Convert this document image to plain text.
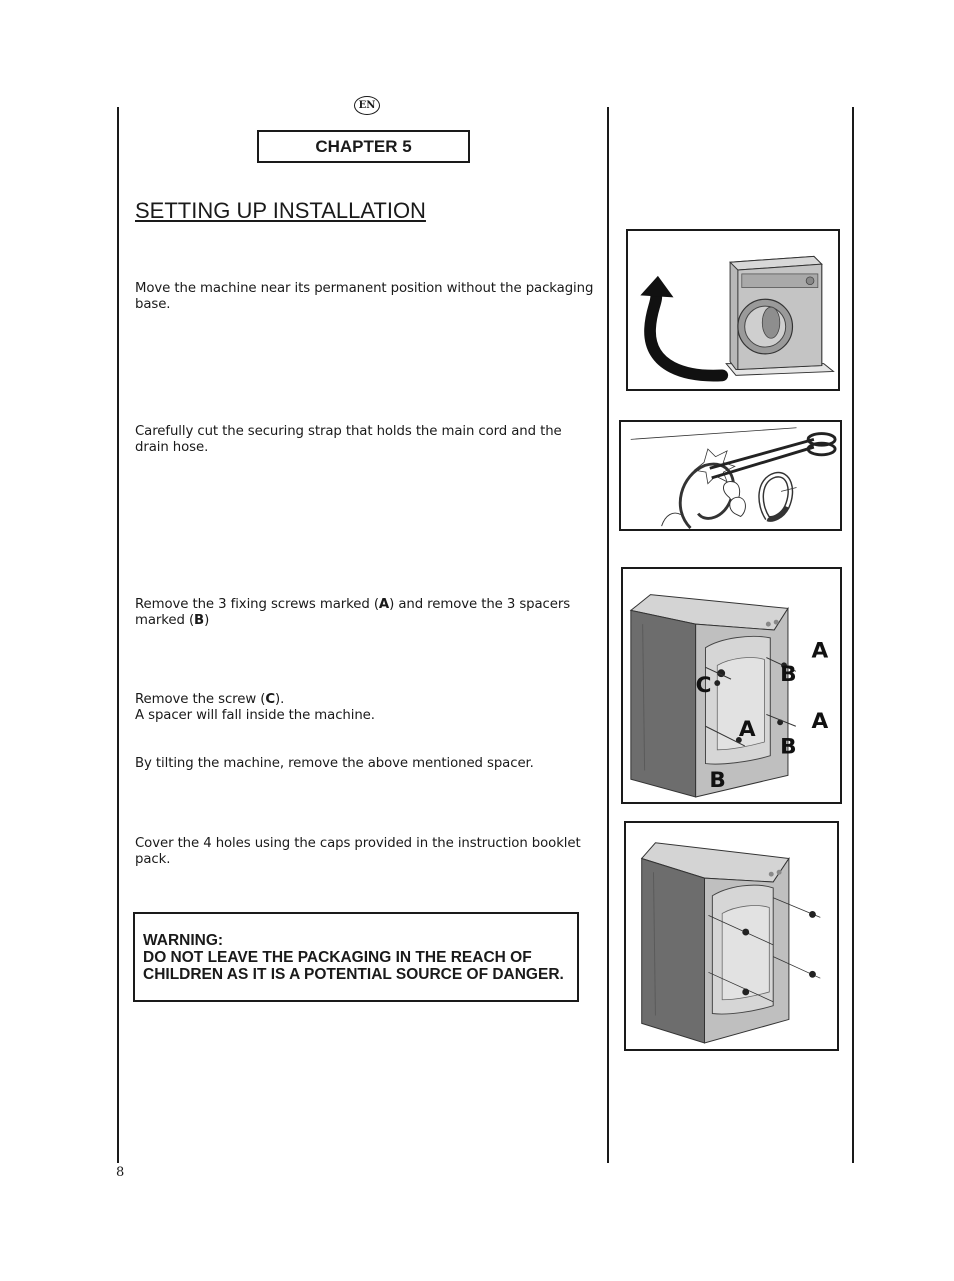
EN
CHAPTER 5
SETTING UP INSTALLATION
Move the machine near its permanent position without the packaging base.
Carefully cut the securing strap that holds the main cord and the drain hose.
Remove the 3 fixing screws marked (A) and remove the 3 spacers marked (B)
Remove the screw (C).
A spacer will fall inside the machine.
By tilting the machine, remove the above mentioned spacer.
Cover the 4 holes using the caps provided in the instruction booklet pack.
WARNING:
DO NOT LEAVE THE PACKAGING IN THE REACH OF
CHILDREN AS IT IS A POTENTIAL SOURCE OF DANGER.
A
B
C
A	A
B
B
8
